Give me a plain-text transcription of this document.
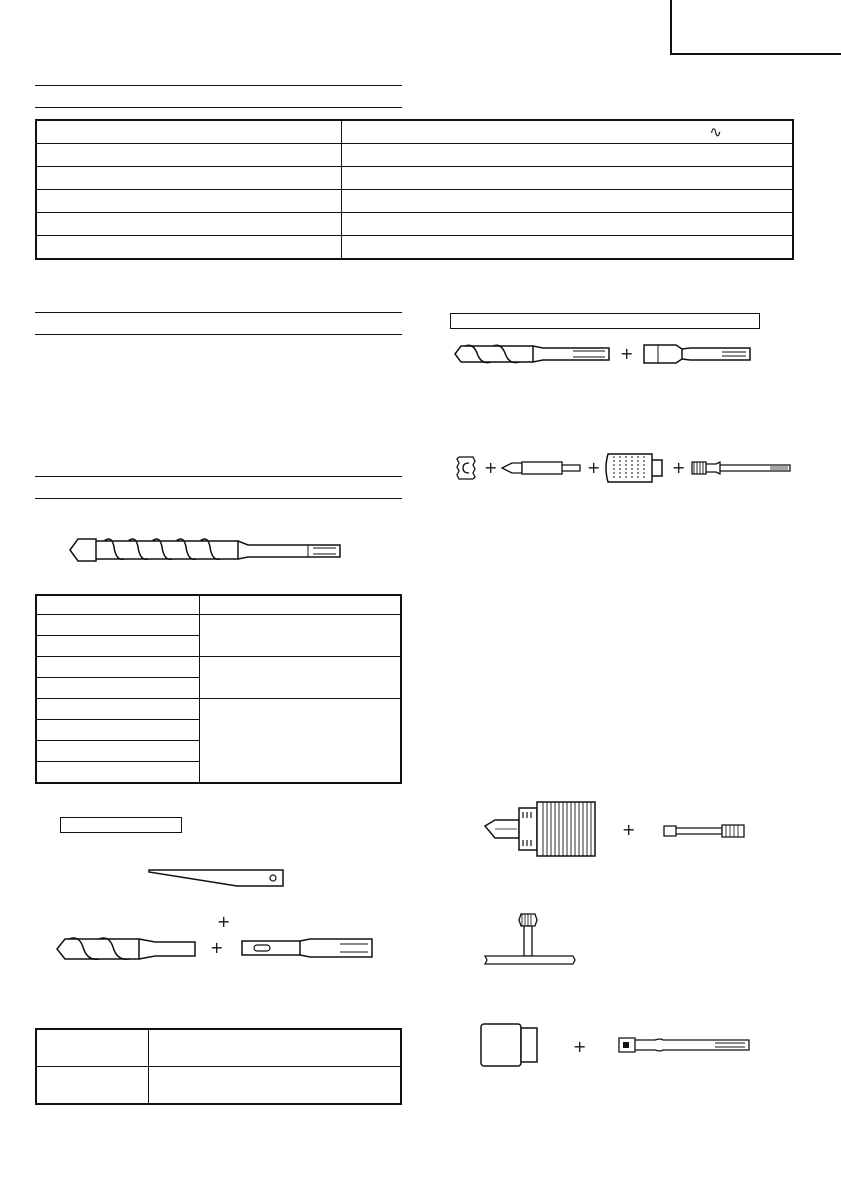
	∿

+
+

+
+	+	+
+
+
